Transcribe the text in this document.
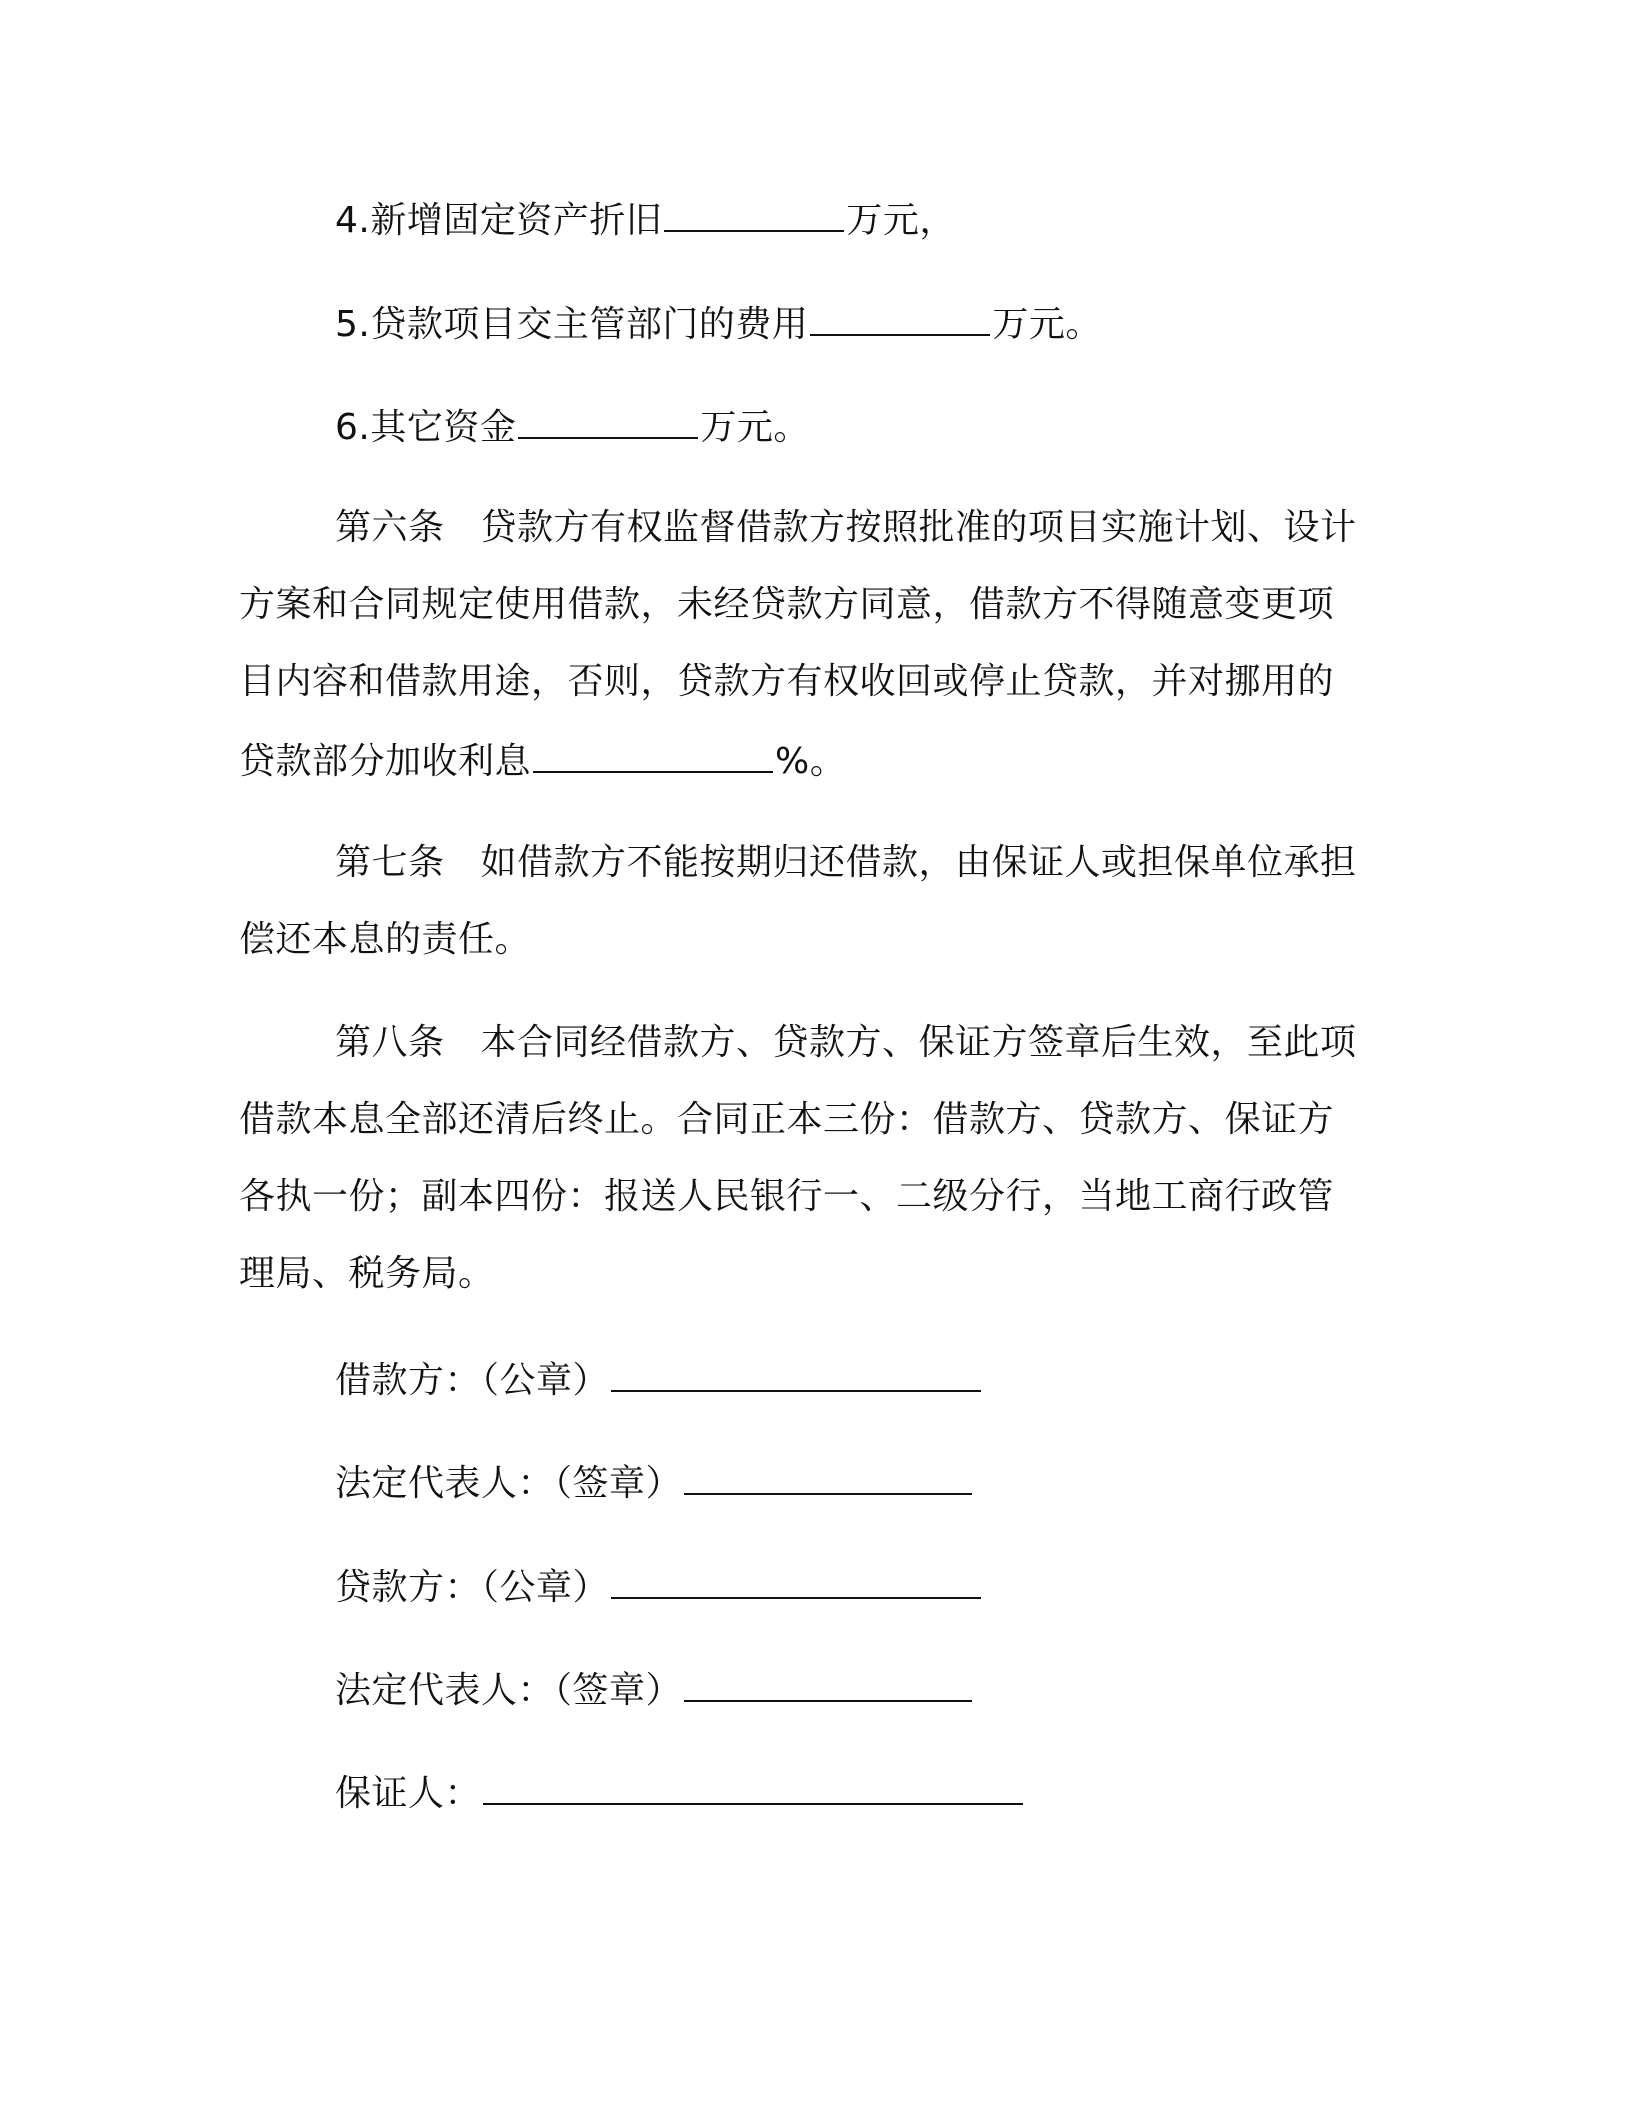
4.新增固定资产折旧	万元，
5.贷款项目交主管部门的费用	万元。
6.其它资金	万元。
第六条 贷款方有权监督借款方按照批准的项目实施计划、设计
方案和合同规定使用借款，未经贷款方同意，借款方不得随意变更项
目内容和借款用途，否则，贷款方有权收回或停止贷款，并对挪用的
贷款部分加收利息	%。
第七条 如借款方不能按期归还借款，由保证人或担保单位承担
偿还本息的责任。
第八条 本合同经借款方、贷款方、保证方签章后生效，至此项
借款本息全部还清后终止。合同正本三份：借款方、贷款方、保证方
各执一份；副本四份：报送人民银行一、二级分行，当地工商行政管
理局、税务局。
借款方：（公章）
法定代表人：（签章）
贷款方：（公章）
法定代表人：（签章）
保证人：
